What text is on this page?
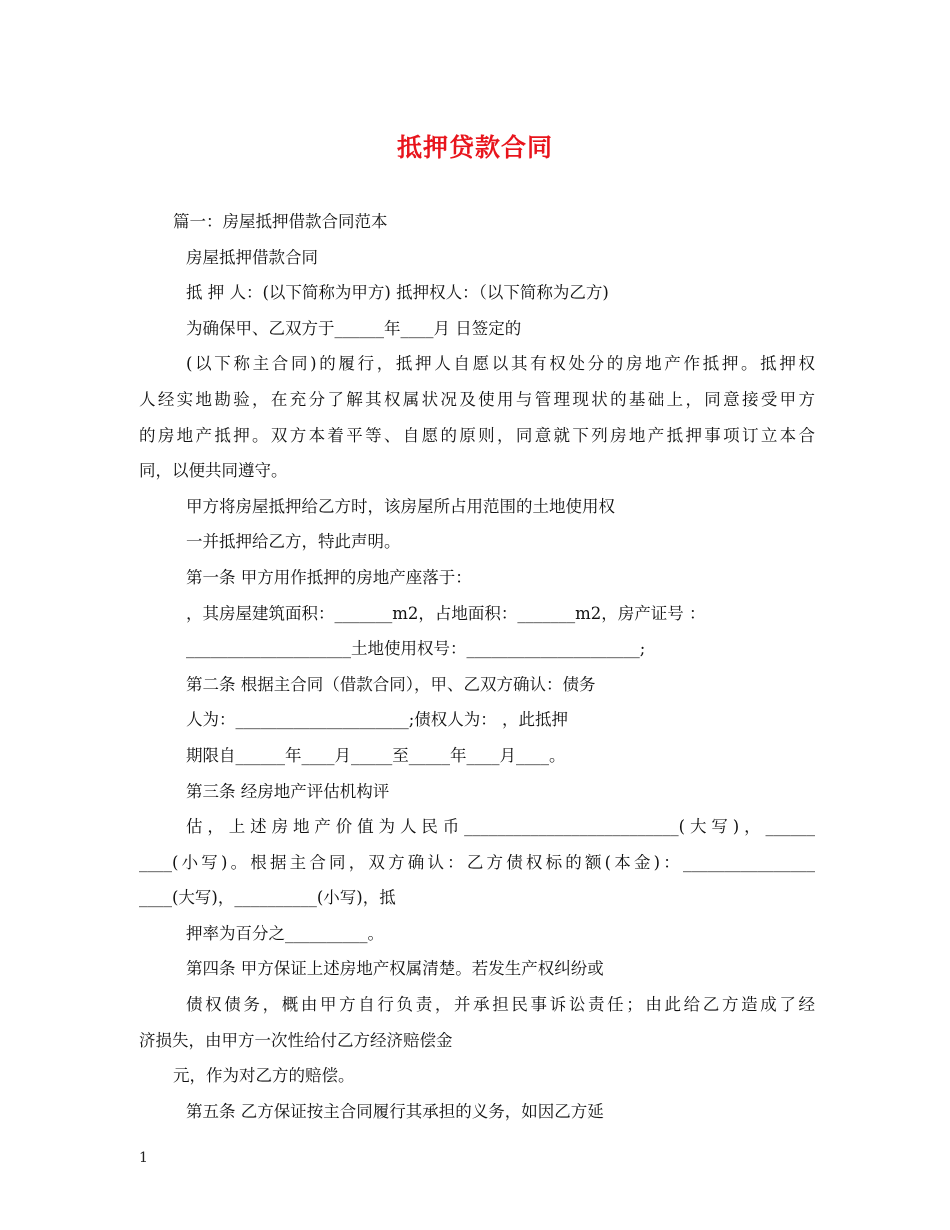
抵押贷款合同
篇一：房屋抵押借款合同范本
房屋抵押借款合同
抵 押 人：(以下简称为甲方) 抵押权人：（以下简称为乙方)
为确保甲、乙双方于______年____月 日签定的
(以下称主合同)的履行，抵押人自愿以其有权处分的房地产作抵押。抵押权
人经实地勘验，在充分了解其权属状况及使用与管理现状的基础上，同意接受甲方
的房地产抵押。双方本着平等、自愿的原则，同意就下列房地产抵押事项订立本合
同，以便共同遵守。
甲方将房屋抵押给乙方时，该房屋所占用范围的土地使用权
一并抵押给乙方，特此声明。
第一条 甲方用作抵押的房地产座落于：
，其房屋建筑面积：_______m2，占地面积：_______m2，房产证号 ：
____________________土地使用权号：_____________________;
第二条 根据主合同（借款合同），甲、乙双方确认：债务
人为：_____________________;债权人为： ，此抵押
期限自______年____月_____至_____年____月____。
第三条 经房地产评估机构评
估，上述房地产价值为人民币__________________________(大写)，______
____(小写)。根据主合同，双方确认：乙方债权标的额(本金)：________________
____(大写)，__________(小写)，抵
押率为百分之__________。
第四条 甲方保证上述房地产权属清楚。若发生产权纠纷或
债权债务，概由甲方自行负责，并承担民事诉讼责任；由此给乙方造成了经
济损失，由甲方一次性给付乙方经济赔偿金
元，作为对乙方的赔偿。
第五条 乙方保证按主合同履行其承担的义务，如因乙方延
1
